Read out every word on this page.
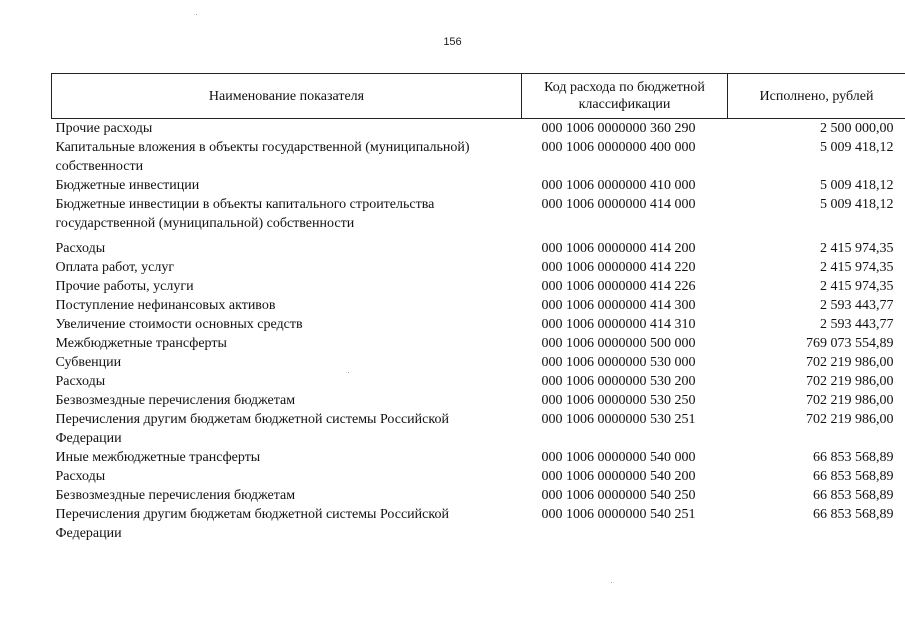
156
Наименование показателя	Код расхода по бюджетной классификации	Исполнено, рублей
Прочие расходы	000 1006 0000000 360 290	2 500 000,00
Капитальные вложения в объекты государственной (муниципальной) собственности	000 1006 0000000 400 000	5 009 418,12
Бюджетные инвестиции	000 1006 0000000 410 000	5 009 418,12
Бюджетные инвестиции в объекты капитального строительства государственной (муниципальной) собственности	000 1006 0000000 414 000	5 009 418,12
Расходы	000 1006 0000000 414 200	2 415 974,35
Оплата работ, услуг	000 1006 0000000 414 220	2 415 974,35
Прочие работы, услуги	000 1006 0000000 414 226	2 415 974,35
Поступление нефинансовых активов	000 1006 0000000 414 300	2 593 443,77
Увеличение стоимости основных средств	000 1006 0000000 414 310	2 593 443,77
Межбюджетные трансферты	000 1006 0000000 500 000	769 073 554,89
Субвенции	000 1006 0000000 530 000	702 219 986,00
Расходы	000 1006 0000000 530 200	702 219 986,00
Безвозмездные перечисления бюджетам	000 1006 0000000 530 250	702 219 986,00
Перечисления другим бюджетам бюджетной системы Российской Федерации	000 1006 0000000 530 251	702 219 986,00
Иные межбюджетные трансферты	000 1006 0000000 540 000	66 853 568,89
Расходы	000 1006 0000000 540 200	66 853 568,89
Безвозмездные перечисления бюджетам	000 1006 0000000 540 250	66 853 568,89
Перечисления другим бюджетам бюджетной системы Российской Федерации	000 1006 0000000 540 251	66 853 568,89
